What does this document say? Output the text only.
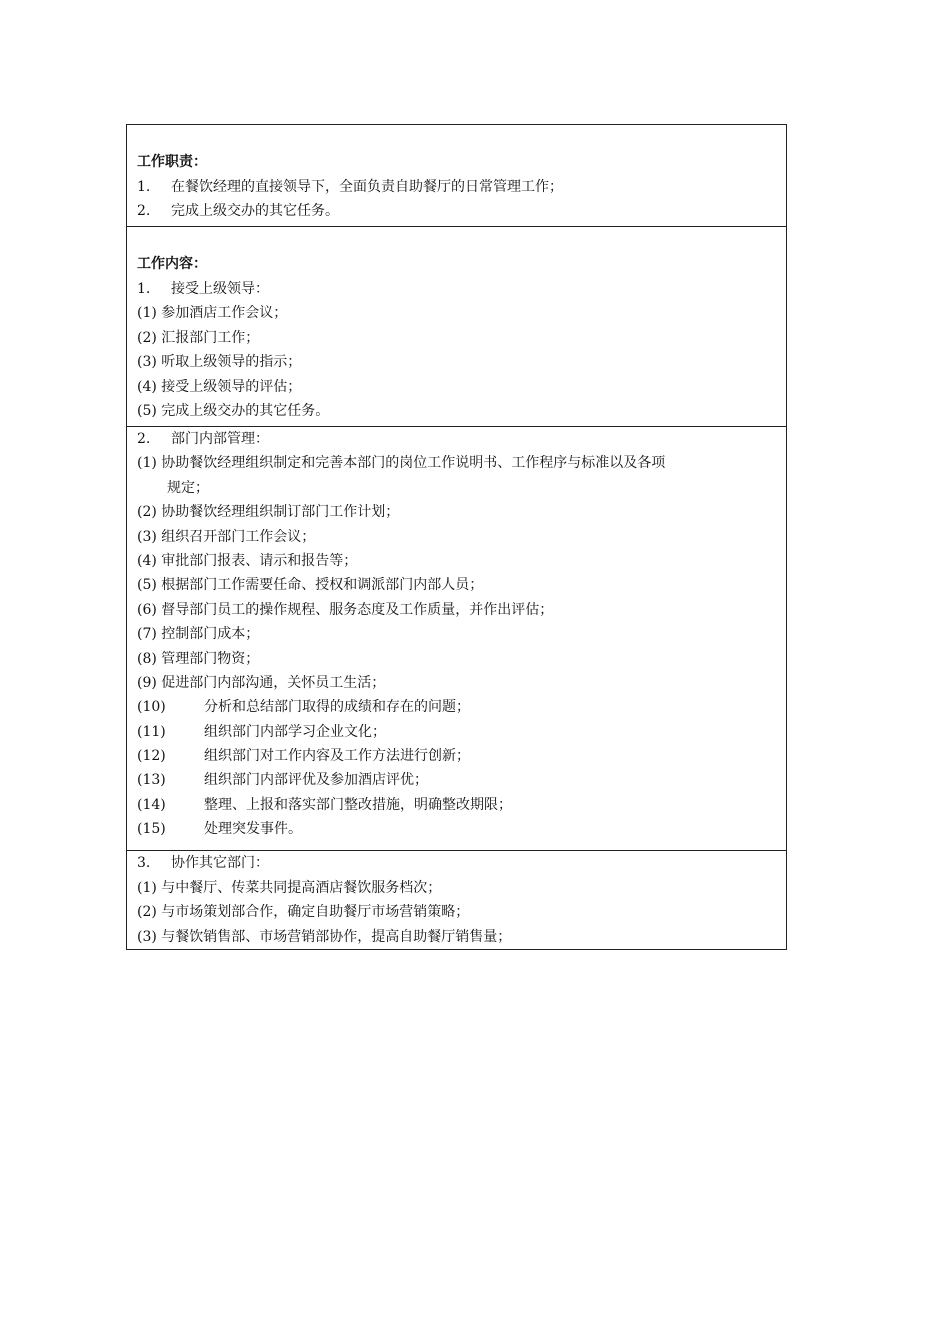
工作职责：
1. 在餐饮经理的直接领导下，全面负责自助餐厅的日常管理工作；
2. 完成上级交办的其它任务。
工作内容：
1. 接受上级领导：
(1) 参加酒店工作会议；
(2) 汇报部门工作；
(3) 听取上级领导的指示；
(4) 接受上级领导的评估；
(5) 完成上级交办的其它任务。
2. 部门内部管理：
(1) 协助餐饮经理组织制定和完善本部门的岗位工作说明书、工作程序与标准以及各项
规定；
(2) 协助餐饮经理组织制订部门工作计划；
(3) 组织召开部门工作会议；
(4) 审批部门报表、请示和报告等；
(5) 根据部门工作需要任命、授权和调派部门内部人员；
(6) 督导部门员工的操作规程、服务态度及工作质量，并作出评估；
(7) 控制部门成本；
(8) 管理部门物资；
(9) 促进部门内部沟通，关怀员工生活；
(10)	分析和总结部门取得的成绩和存在的问题；
(11)	组织部门内部学习企业文化；
(12)	组织部门对工作内容及工作方法进行创新；
(13)	组织部门内部评优及参加酒店评优；
(14)	整理、上报和落实部门整改措施，明确整改期限；
(15)	处理突发事件。
3. 协作其它部门：
(1) 与中餐厅、传菜共同提高酒店餐饮服务档次；
(2) 与市场策划部合作，确定自助餐厅市场营销策略；
(3) 与餐饮销售部、市场营销部协作，提高自助餐厅销售量；
